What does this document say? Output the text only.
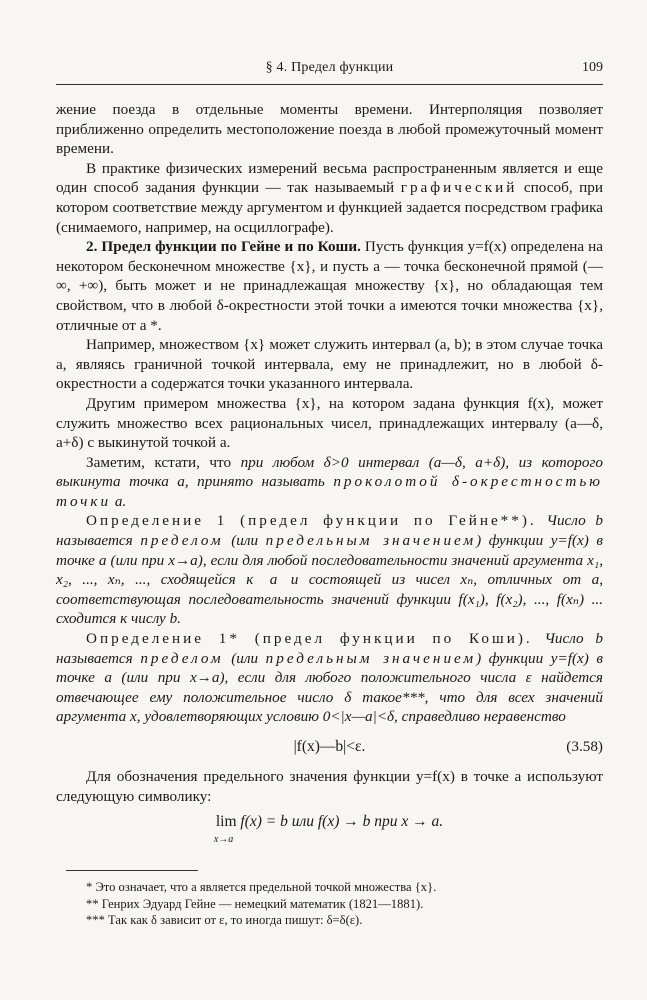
§ 4. Предел функции	109

жение поезда в отдельные моменты времени. Интерполяция позволяет приближенно определить местоположение поезда в любой промежуточный момент времени.

В практике физических измерений весьма распространенным является и еще один способ задания функции — так называемый графический способ, при котором соответствие между аргументом и функцией задается посредством графика (снимаемого, например, на осциллографе).

2. Предел функции по Гейне и по Коши. Пусть функция y=f(x) определена на некотором бесконечном множестве {x}, и пусть a — точка бесконечной прямой (—∞, +∞), быть может и не принадлежащая множеству {x}, но обладающая тем свойством, что в любой δ-окрестности этой точки a имеются точки множества {x}, отличные от a *.

Например, множеством {x} может служить интервал (a, b); в этом случае точка a, являясь граничной точкой интервала, ему не принадлежит, но в любой δ-окрестности a содержатся точки указанного интервала.

Другим примером множества {x}, на котором задана функция f(x), может служить множество всех рациональных чисел, принадлежащих интервалу (a—δ, a+δ) с выкинутой точкой a.

Заметим, кстати, что при любом δ>0 интервал (a—δ, a+δ), из которого выкинута точка a, принято называть проколотой δ-окрестностью точки a.

Определение 1 (предел функции по Гейне**). Число b называется пределом (или предельным значением) функции y=f(x) в точке a (или при x→a), если для любой последовательности значений аргумента x₁, x₂, ..., xₙ, ..., сходящейся к a и состоящей из чисел xₙ, отличных от a, соответствующая последовательность значений функции f(x₁), f(x₂), ..., f(xₙ) ... сходится к числу b.

Определение 1* (предел функции по Коши). Число b называется пределом (или предельным значением) функции y=f(x) в точке a (или при x→a), если для любого положительного числа ε найдется отвечающее ему положительное число δ такое***, что для всех значений аргумента x, удовлетворяющих условию 0<|x—a|<δ, справедливо неравенство

|f(x)—b|<ε.	(3.58)

Для обозначения предельного значения функции y=f(x) в точке a используют следующую символику:

lim
x→a
f(x) = b или f(x) → b при x → a.
* Это означает, что a является предельной точкой множества {x}.
** Генрих Эдуард Гейне — немецкий математик (1821—1881).
*** Так как δ зависит от ε, то иногда пишут: δ=δ(ε).
